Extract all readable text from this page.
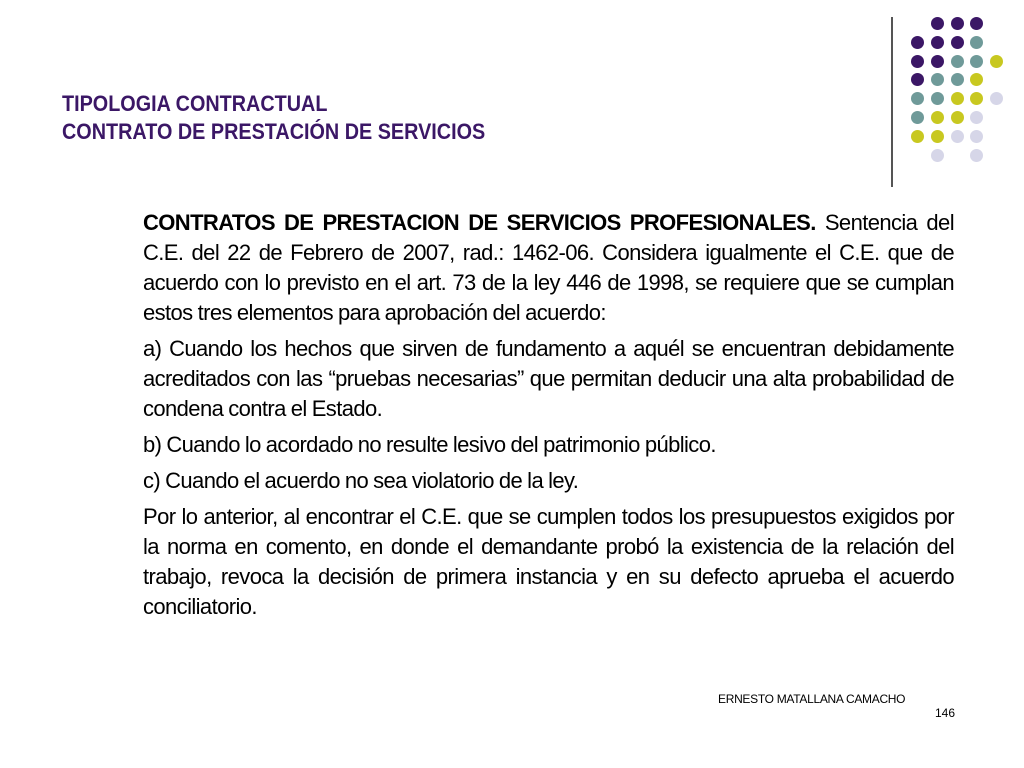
TIPOLOGIA CONTRACTUAL
CONTRATO DE PRESTACIÓN DE SERVICIOS

CONTRATOS DE PRESTACION DE SERVICIOS PROFESIONALES. Sentencia del C.E. del 22 de Febrero de 2007, rad.: 1462-06. Considera igualmente el C.E. que de acuerdo con lo previsto en el art. 73 de la ley 446 de 1998, se requiere que se cumplan estos tres elementos para aprobación del acuerdo:

a) Cuando los hechos que sirven de fundamento a aquél se encuentran debidamente acreditados con las “pruebas necesarias” que permitan deducir una alta probabilidad de condena contra el Estado.

b) Cuando lo acordado no resulte lesivo del patrimonio público.

c) Cuando el acuerdo no sea violatorio de la ley.

Por lo anterior, al encontrar el C.E. que se cumplen todos los presupuestos exigidos por la norma en comento, en donde el demandante probó la existencia de la relación del trabajo, revoca la decisión de primera instancia y en su defecto aprueba el acuerdo conciliatorio.

ERNESTO MATALLANA CAMACHO
146
